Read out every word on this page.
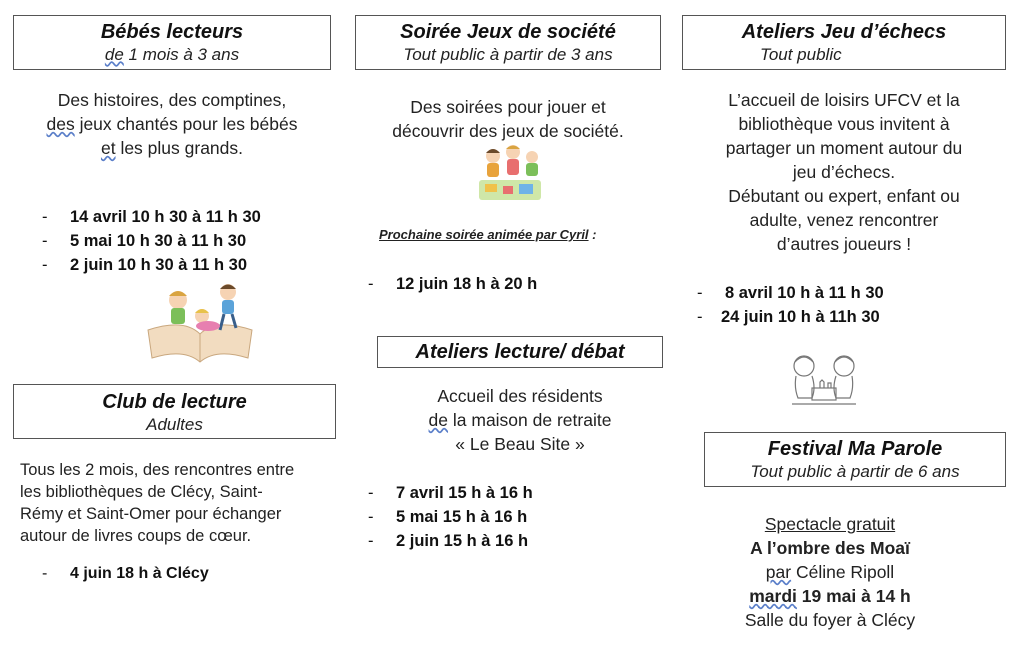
Bébés lecteurs
de 1 mois à 3 ans
Des histoires, des comptines,
des jeux chantés pour les bébés
et les plus grands.
- 14 avril 10 h 30 à 11 h 30
- 5 mai 10 h 30 à 11 h 30
- 2 juin 10 h 30 à 11 h 30
Club de lecture
Adultes
Tous les 2 mois, des rencontres entre
les bibliothèques de Clécy, Saint-
Rémy et Saint-Omer pour échanger
autour de livres coups de cœur.
- 4 juin 18 h à Clécy
Soirée Jeux de société
Tout public à partir de 3 ans
Des soirées pour jouer et
découvrir des jeux de société.
Prochaine soirée animée par Cyril :
- 12 juin 18 h à 20 h
Ateliers lecture/ débat
Accueil des résidents
de la maison de retraite
« Le Beau Site »
- 7 avril 15 h à 16 h
- 5 mai 15 h à 16 h
- 2 juin 15 h à 16 h
Ateliers Jeu d’échecs
Tout public
L’accueil de loisirs UFCV et la
bibliothèque vous invitent à
partager un moment autour du
jeu d’échecs.
Débutant ou expert, enfant ou
adulte, venez rencontrer
d’autres joueurs !
- 8 avril 10 h à 11 h 30
- 24 juin 10 h à 11h 30
Festival Ma Parole
Tout public à partir de 6 ans
Spectacle gratuit
A l’ombre des Moaï
par Céline Ripoll
mardi 19 mai à 14 h
Salle du foyer à Clécy
